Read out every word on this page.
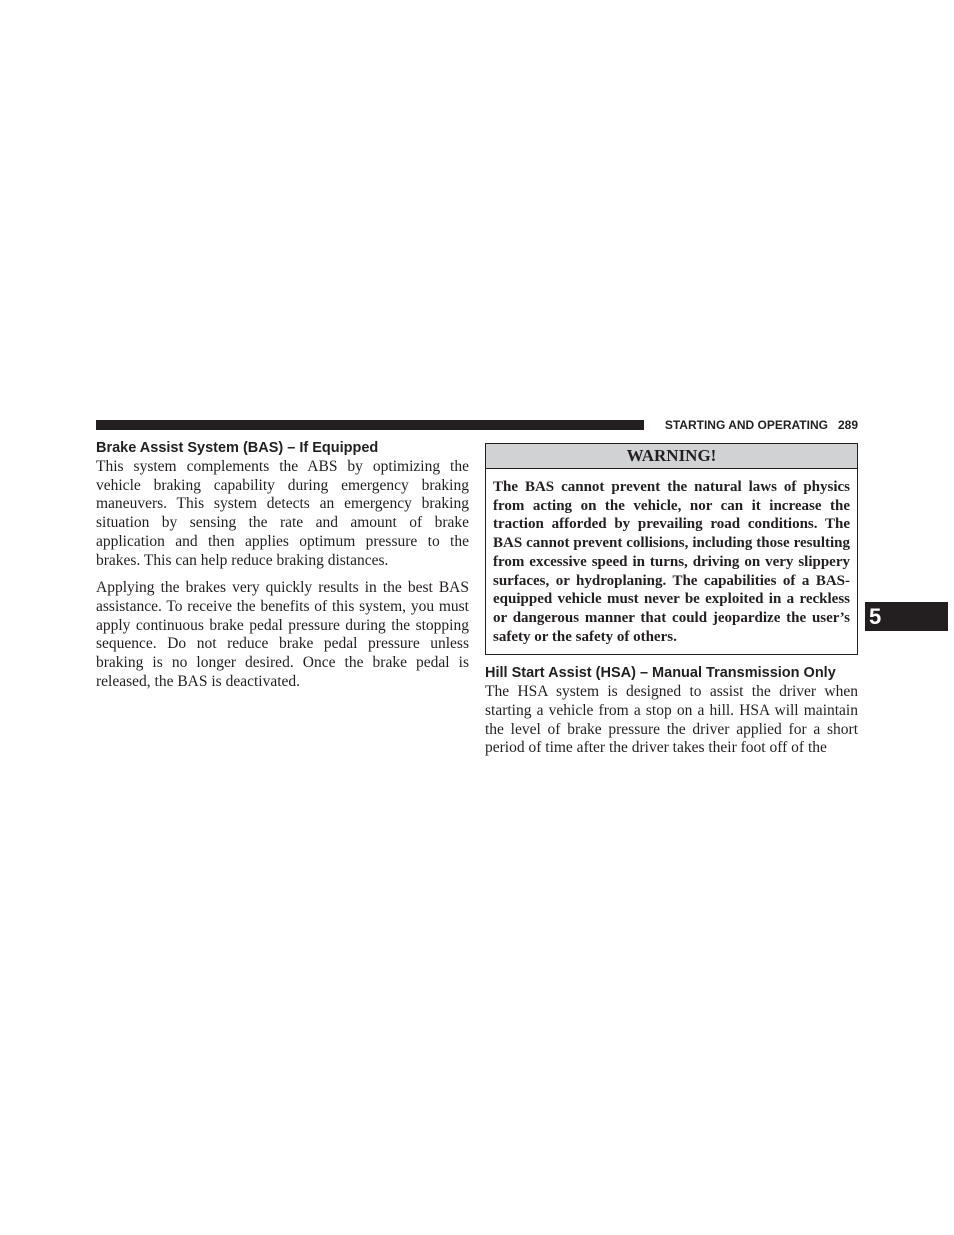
STARTING AND OPERATING 289
Brake Assist System (BAS) – If Equipped

This system complements the ABS by optimizing the vehicle braking capability during emergency braking maneuvers. This system detects an emergency braking situation by sensing the rate and amount of brake application and then applies optimum pressure to the brakes. This can help reduce braking distances.

Applying the brakes very quickly results in the best BAS assistance. To receive the benefits of this system, you must apply continuous brake pedal pressure during the stopping sequence. Do not reduce brake pedal pressure unless braking is no longer desired. Once the brake pedal is released, the BAS is deactivated.

WARNING!
The BAS cannot prevent the natural laws of physics from acting on the vehicle, nor can it increase the traction afforded by prevailing road conditions. The BAS cannot prevent collisions, including those resulting from excessive speed in turns, driving on very slippery surfaces, or hydroplaning. The capabilities of a BAS-equipped vehicle must never be exploited in a reckless or dangerous manner that could jeopardize the user’s safety or the safety of others.
Hill Start Assist (HSA) – Manual Transmission Only

The HSA system is designed to assist the driver when starting a vehicle from a stop on a hill. HSA will maintain the level of brake pressure the driver applied for a short period of time after the driver takes their foot off of the

5
